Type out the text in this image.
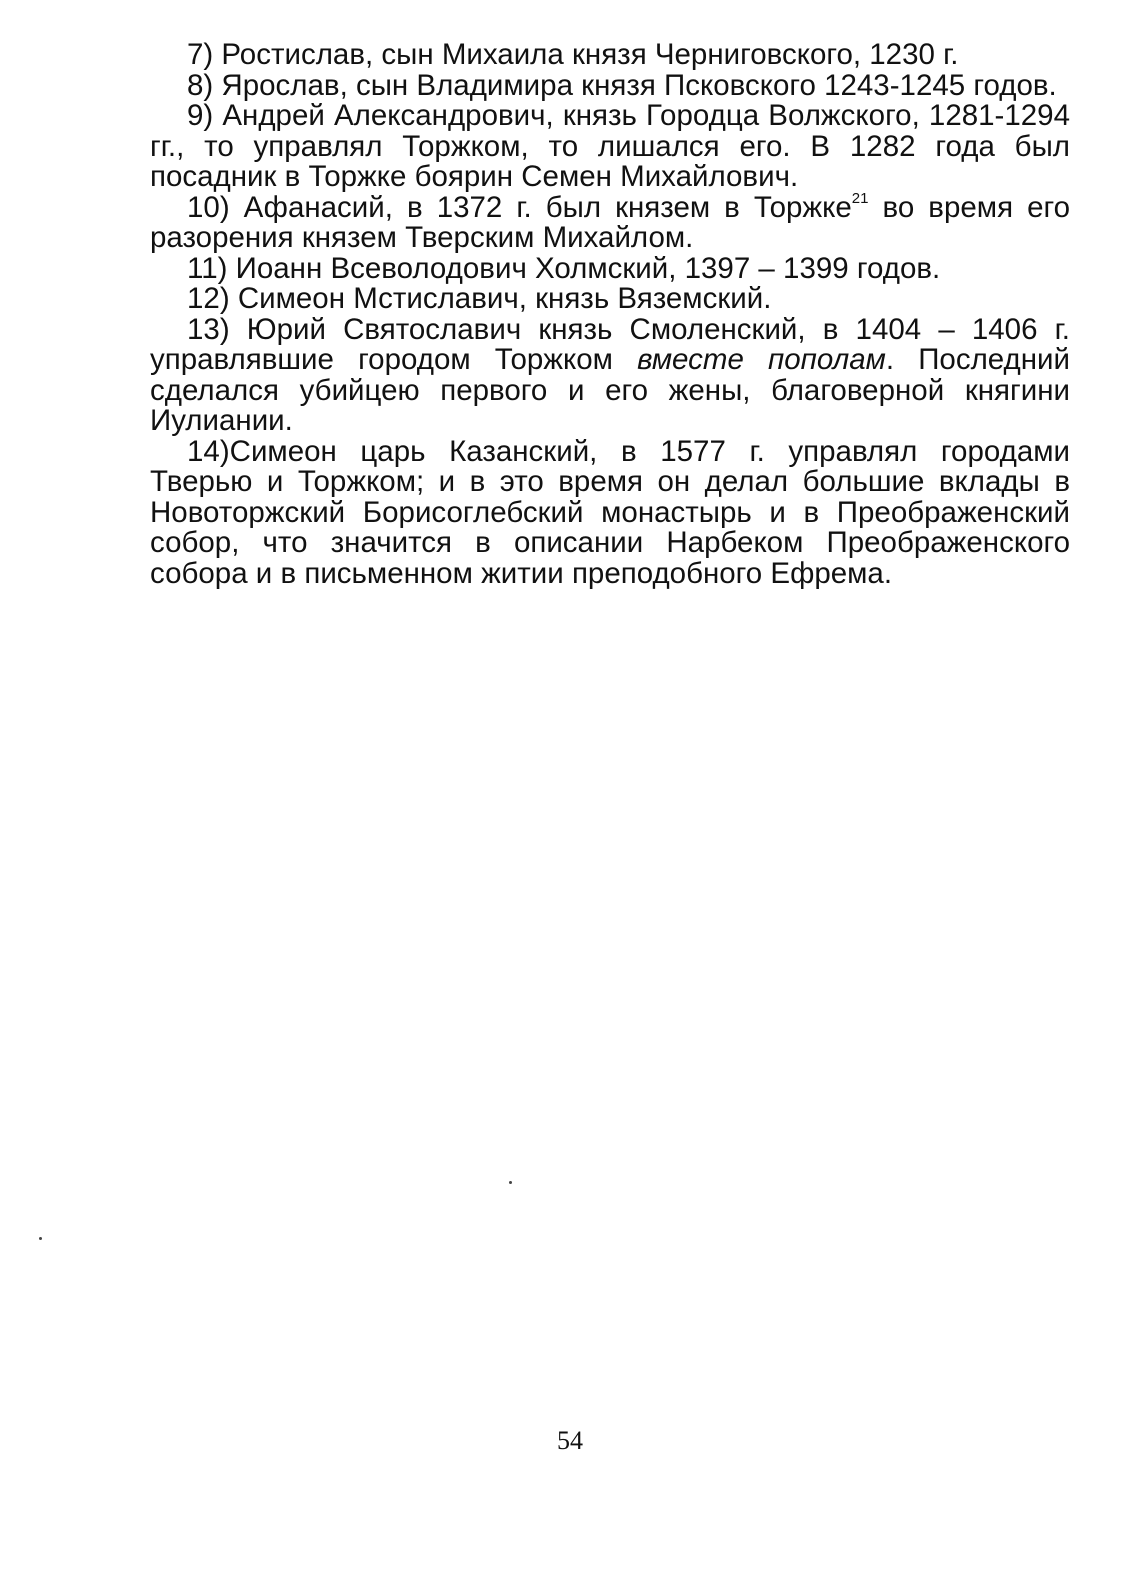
7) Ростислав, сын Михаила князя Черниговского, 1230 г.

8) Ярослав, сын Владимира князя Псковского 1243-1245 годов.

9) Андрей Александрович, князь Городца Волжского, 1281-1294 гг., то управлял Торжком, то лишался его. В 1282 года был посадник в Торжке боярин Семен Михайлович.

10) Афанасий, в 1372 г. был князем в Торжке$^{21}$ во время его разорения князем Тверским Михайлом.

11) Иоанн Всеволодович Холмский, 1397 – 1399 годов.

12) Симеон Мстиславич, князь Вяземский.

13) Юрий Святославич князь Смоленский, в 1404 – 1406 г. управлявшие городом Торжком вместе пополам. Последний сделался убийцею первого и его жены, благоверной княгини Иулиании.

14)Симеон царь Казанский, в 1577 г. управлял городами Тверью и Торжком; и в это время он делал большие вклады в Новоторжский Борисоглебский монастырь и в Преображенский собор, что значится в описании Нарбеком Преображенского собора и в письменном житии преподобного Ефрема.

54
